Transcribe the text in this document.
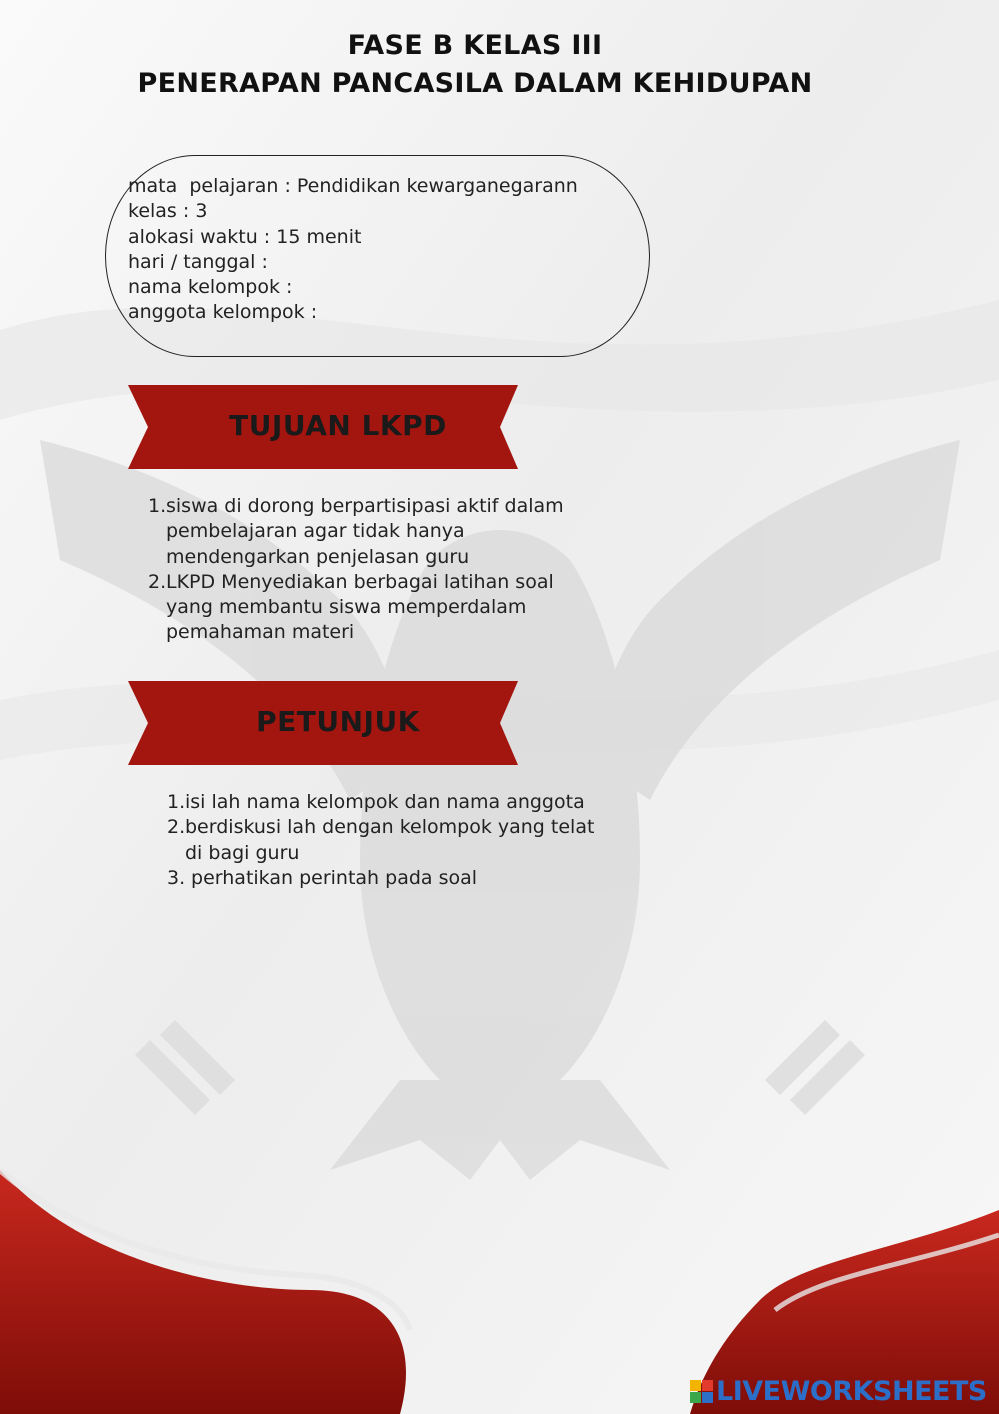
FASE B KELAS III
PENERAPAN PANCASILA DALAM KEHIDUPAN
mata  pelajaran : Pendidikan kewarganegarann
kelas : 3
alokasi waktu : 15 menit
hari / tanggal :
nama kelompok :
anggota kelompok :
TUJUAN LKPD
1. siswa di dorong berpartisipasi aktif dalam pembelajaran agar tidak hanya mendengarkan penjelasan guru
2. LKPD Menyediakan berbagai latihan soal yang membantu siswa memperdalam pemahaman materi
PETUNJUK
1. isi lah nama kelompok dan nama anggota
2. berdiskusi lah dengan kelompok yang telat di bagi guru
3. perhatikan perintah pada soal
LIVEWORKSHEETS
